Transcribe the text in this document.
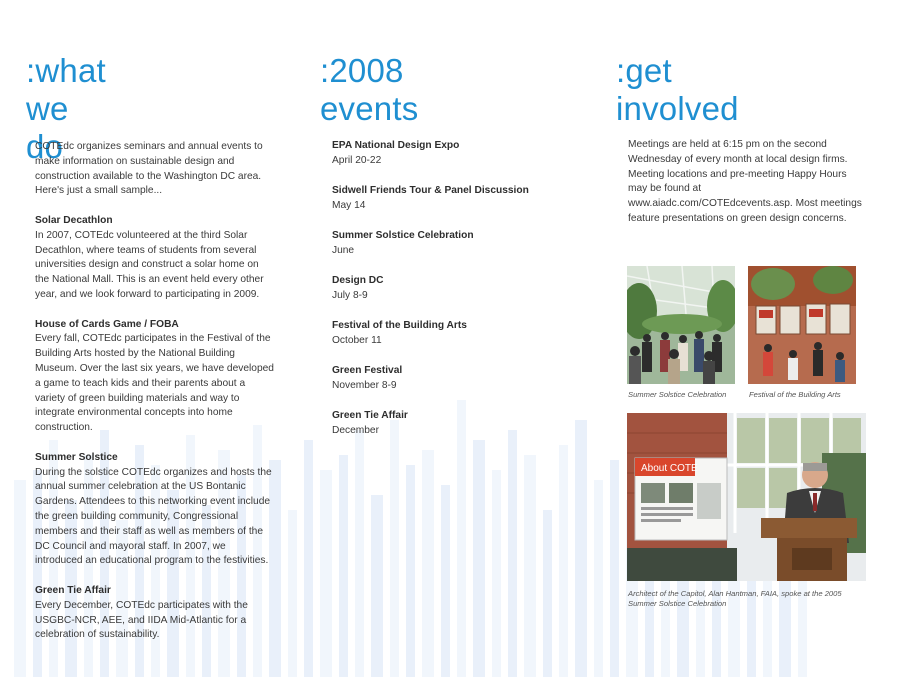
:what we do

COTEdc organizes seminars and annual events to make information on sustainable design and construction available to the Washington DC area. Here's just a small sample...

Solar Decathlon
In 2007, COTEdc volunteered at the third Solar Decathlon, where teams of students from several universities design and construct a solar home on the National Mall. This is an event held every other year, and we look forward to participating in 2009.

House of Cards Game / FOBA
Every fall, COTEdc participates in the Festival of the Building Arts hosted by the National Building Museum. Over the last six years, we have developed a game to teach kids and their parents about a variety of green building materials and way to integrate environmental concepts into home construction.

Summer Solstice
During the solstice COTEdc organizes and hosts the annual summer celebration at the US Bontanic Gardens. Attendees to this networking event include the green building community, Congressional members and their staff as well as members of the DC Council and mayoral staff. In 2007, we introduced an educational program to the festivities.

Green Tie Affair
Every December, COTEdc participates with the USGBC-NCR, AEE, and IIDA Mid-Atlantic for a celebration of sustainability.

:2008 events
EPA National Design Expo
April 20-22
Sidwell Friends Tour & Panel Discussion
May 14
Summer Solstice Celebration
June
Design DC
July 8-9
Festival of the Building Arts
October 11
Green Festival
November 8-9
Green Tie Affair
December
:get involved

Meetings are held at 6:15 pm on the second Wednesday of every month at local design firms. Meeting locations and pre-meeting Happy Hours may be found at www.aiadc.com/COTEdcevents.asp. Most meetings feature presentations on green design concerns.

Summer Solstice Celebration	Festival of the Building Arts
About COTE
Architect of the Capitol, Alan Hantman, FAIA, spoke at the 2005 Summer Solstice Celebration
